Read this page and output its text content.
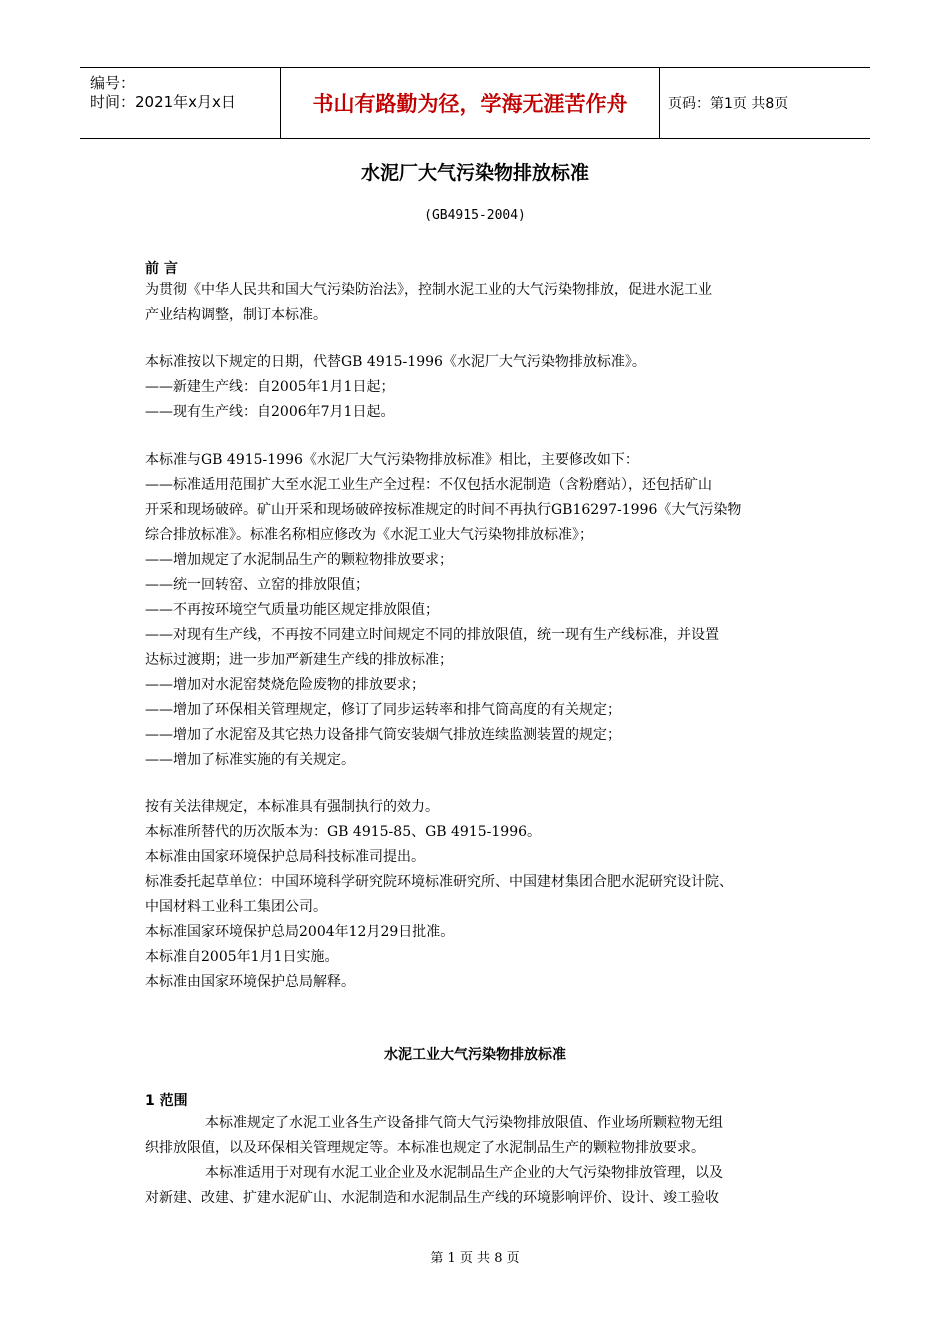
编号：
时间：2021年x月x日	书山有路勤为径，学海无涯苦作舟	页码：第1页 共8页
水泥厂大气污染物排放标准
(GB4915-2004)
前 言
为贯彻《中华人民共和国大气污染防治法》，控制水泥工业的大气污染物排放，促进水泥工业
产业结构调整，制订本标准。
本标准按以下规定的日期，代替GB 4915-1996《水泥厂大气污染物排放标准》。
——新建生产线：自2005年1月1日起；
——现有生产线：自2006年7月1日起。
本标准与GB 4915-1996《水泥厂大气污染物排放标准》相比，主要修改如下：
——标准适用范围扩大至水泥工业生产全过程：不仅包括水泥制造（含粉磨站），还包括矿山
开采和现场破碎。矿山开采和现场破碎按标准规定的时间不再执行GB16297-1996《大气污染物
综合排放标准》。标准名称相应修改为《水泥工业大气污染物排放标准》；
——增加规定了水泥制品生产的颗粒物排放要求；
——统一回转窑、立窑的排放限值；
——不再按环境空气质量功能区规定排放限值；
——对现有生产线，不再按不同建立时间规定不同的排放限值，统一现有生产线标准，并设置
达标过渡期；进一步加严新建生产线的排放标准；
——增加对水泥窑焚烧危险废物的排放要求；
——增加了环保相关管理规定，修订了同步运转率和排气筒高度的有关规定；
——增加了水泥窑及其它热力设备排气筒安装烟气排放连续监测装置的规定；
——增加了标准实施的有关规定。
按有关法律规定，本标准具有强制执行的效力。
本标准所替代的历次版本为：GB 4915-85、GB 4915-1996。
本标准由国家环境保护总局科技标准司提出。
标准委托起草单位：中国环境科学研究院环境标准研究所、中国建材集团合肥水泥研究设计院、
中国材料工业科工集团公司。
本标准国家环境保护总局2004年12月29日批准。
本标准自2005年1月1日实施。
本标准由国家环境保护总局解释。
水泥工业大气污染物排放标准
1 范围
本标准规定了水泥工业各生产设备排气筒大气污染物排放限值、作业场所颗粒物无组
织排放限值，以及环保相关管理规定等。本标准也规定了水泥制品生产的颗粒物排放要求。
本标准适用于对现有水泥工业企业及水泥制品生产企业的大气污染物排放管理，以及
对新建、改建、扩建水泥矿山、水泥制造和水泥制品生产线的环境影响评价、设计、竣工验收
第 1 页 共 8 页
